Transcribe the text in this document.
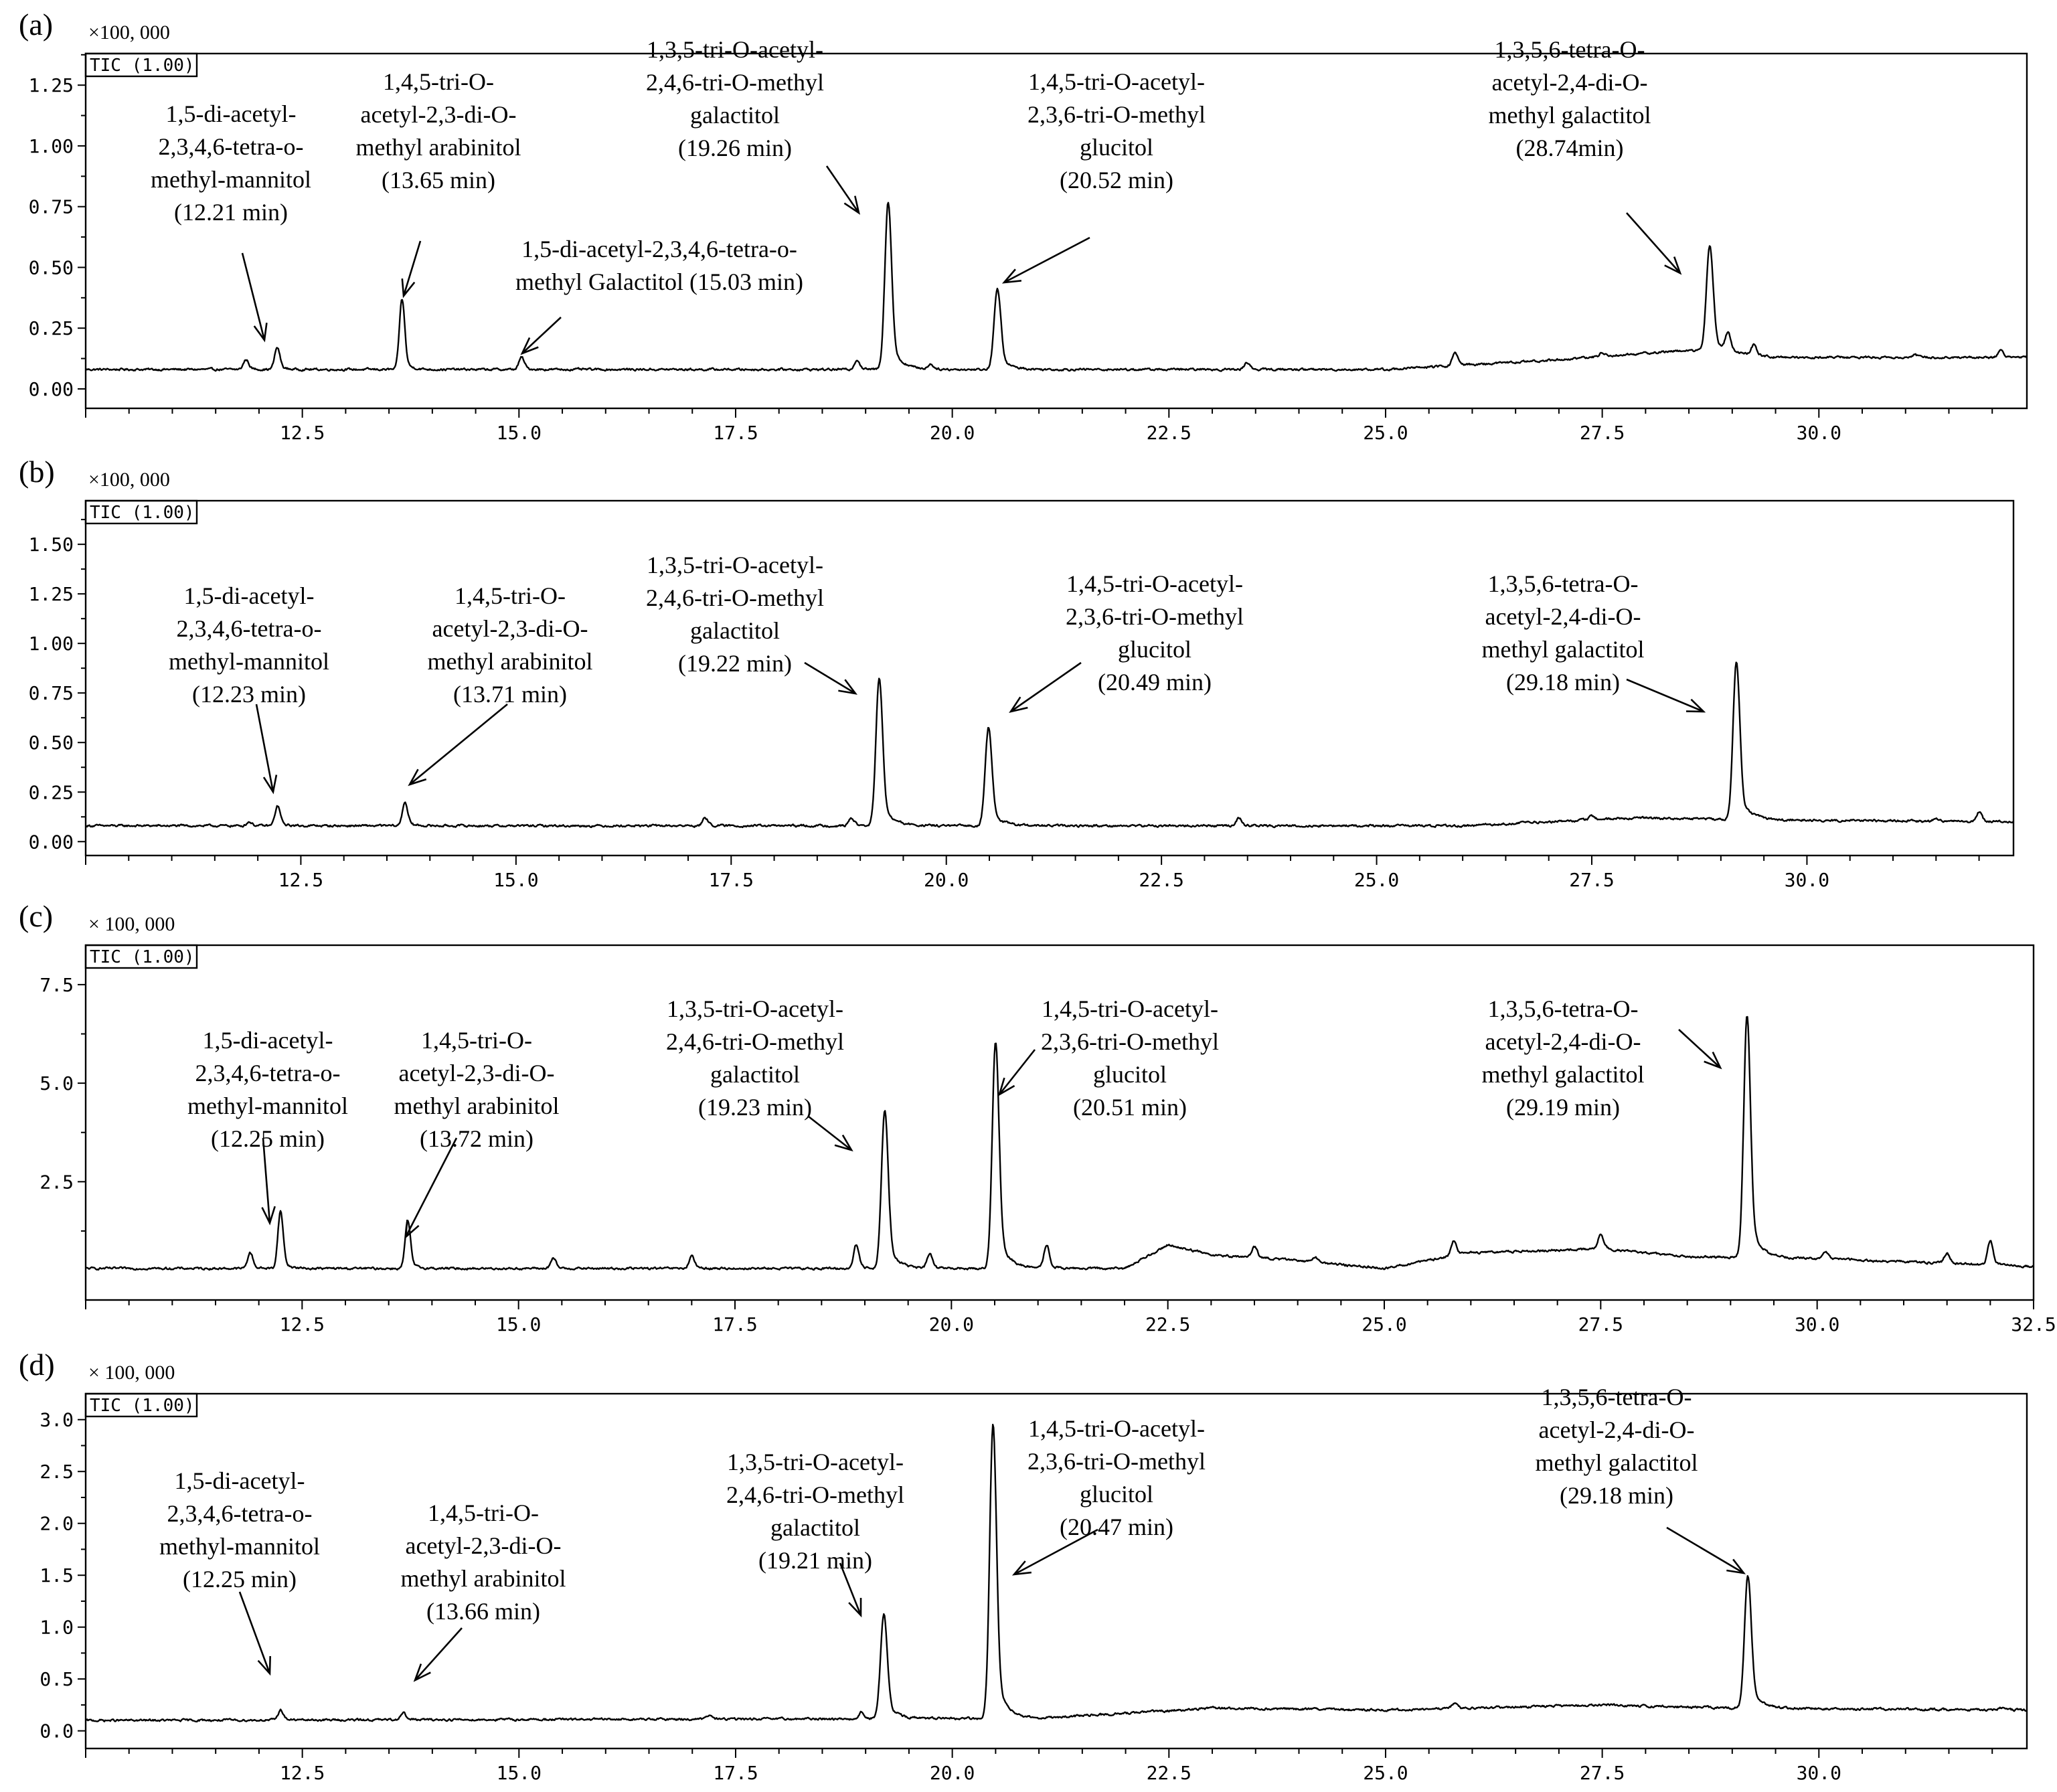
(a) ×100, 000
TIC (1.00)
0.00
0.25
0.50
0.75
1.00
1.25
12.5	15.0	17.5	20.0	22.5	25.0	27.5	30.0
1,5-di-acetyl-
2,3,4,6-tetra-o-
methyl-mannitol
(12.21 min)
1,4,5-tri-O-
acetyl-2,3-di-O-
methyl arabinitol
(13.65 min)
1,5-di-acetyl-2,3,4,6-tetra-o-
methyl Galactitol (15.03 min)
1,3,5-tri-O-acetyl-
2,4,6-tri-O-methyl
galactitol
(19.26 min)
1,4,5-tri-O-acetyl-
2,3,6-tri-O-methyl
glucitol
(20.52 min)
1,3,5,6-tetra-O-
acetyl-2,4-di-O-
methyl galactitol
(28.74min)
(b) ×100, 000
TIC (1.00)
0.00
0.25
0.50
0.75
1.00
1.25
1.50
12.5	15.0	17.5	20.0	22.5	25.0	27.5	30.0
1,5-di-acetyl-
2,3,4,6-tetra-o-
methyl-mannitol
(12.23 min)
1,4,5-tri-O-
acetyl-2,3-di-O-
methyl arabinitol
(13.71 min)
1,3,5-tri-O-acetyl-
2,4,6-tri-O-methyl
galactitol
(19.22 min)
1,4,5-tri-O-acetyl-
2,3,6-tri-O-methyl
glucitol
(20.49 min)
1,3,5,6-tetra-O-
acetyl-2,4-di-O-
methyl galactitol
(29.18 min)
(c) × 100, 000
TIC (1.00)
2.5
5.0
7.5
12.5	15.0	17.5	20.0	22.5	25.0	27.5	30.0	32.5
1,5-di-acetyl-
2,3,4,6-tetra-o-
methyl-mannitol
(12.25 min)
1,4,5-tri-O-
acetyl-2,3-di-O-
methyl arabinitol
(13.72 min)
1,3,5-tri-O-acetyl-
2,4,6-tri-O-methyl
galactitol
(19.23 min)
1,4,5-tri-O-acetyl-
2,3,6-tri-O-methyl
glucitol
(20.51 min)
1,3,5,6-tetra-O-
acetyl-2,4-di-O-
methyl galactitol
(29.19 min)
(d) × 100, 000
TIC (1.00)
0.0
0.5
1.0
1.5
2.0
2.5
3.0
12.5	15.0	17.5	20.0	22.5	25.0	27.5	30.0
1,5-di-acetyl-
2,3,4,6-tetra-o-
methyl-mannitol
(12.25 min)
1,4,5-tri-O-
acetyl-2,3-di-O-
methyl arabinitol
(13.66 min)
1,3,5-tri-O-acetyl-
2,4,6-tri-O-methyl
galactitol
(19.21 min)
1,4,5-tri-O-acetyl-
2,3,6-tri-O-methyl
glucitol
(20.47 min)
1,3,5,6-tetra-O-
acetyl-2,4-di-O-
methyl galactitol
(29.18 min)
